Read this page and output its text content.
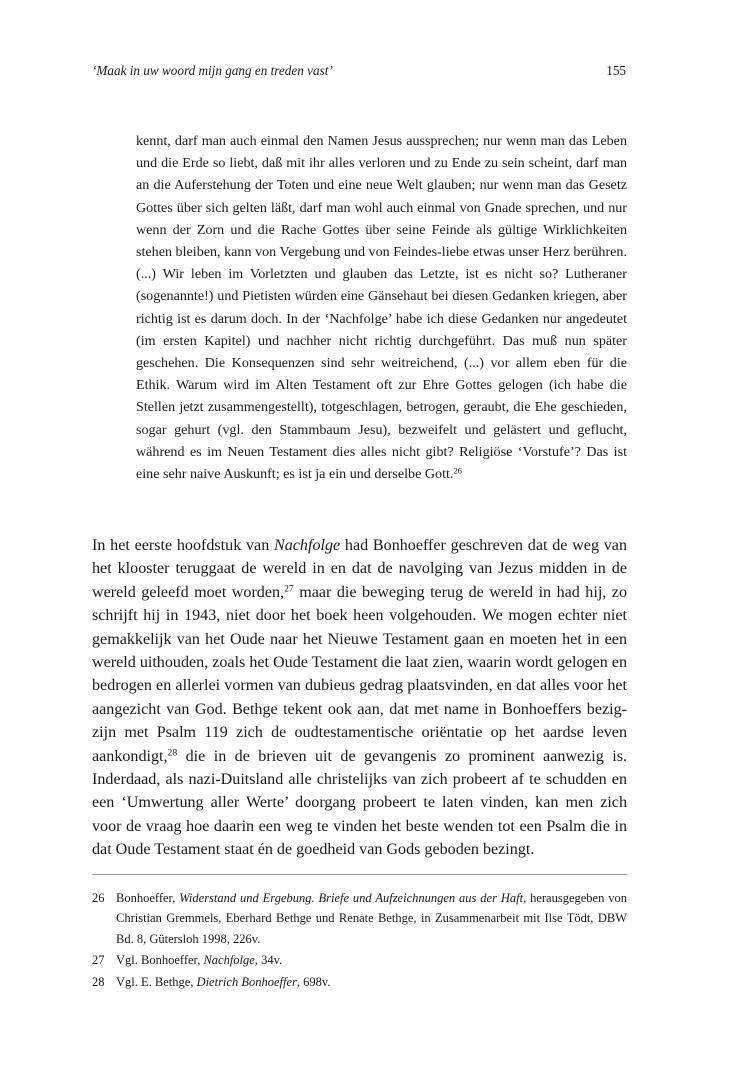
‘Maak in uw woord mijn gang en treden vast’	155

kennt, darf man auch einmal den Namen Jesus aussprechen; nur wenn man das Leben und die Erde so liebt, daß mit ihr alles verloren und zu Ende zu sein scheint, darf man an die Auferstehung der Toten und eine neue Welt glauben; nur wenn man das Gesetz Gottes über sich gelten läßt, darf man wohl auch einmal von Gnade sprechen, und nur wenn der Zorn und die Rache Gottes über seine Feinde als gültige Wirklichkeiten stehen bleiben, kann von Vergebung und von Feindes-liebe etwas unser Herz berühren. (...) Wir leben im Vorletzten und glauben das Letzte, ist es nicht so? Lutheraner (sogenannte!) und Pietisten würden eine Gänsehaut bei diesen Gedanken kriegen, aber richtig ist es darum doch. In der ‘Nachfolge’ habe ich diese Gedanken nur angedeutet (im ersten Kapitel) und nachher nicht richtig durchgeführt. Das muß nun später geschehen. Die Konsequenzen sind sehr weitreichend, (...) vor allem eben für die Ethik. Warum wird im Alten Testament oft zur Ehre Gottes gelogen (ich habe die Stellen jetzt zusammengestellt), totgeschlagen, betrogen, geraubt, die Ehe geschieden, sogar gehurt (vgl. den Stammbaum Jesu), bezweifelt und gelästert und geflucht, während es im Neuen Testament dies alles nicht gibt? Religiöse ‘Vorstufe’? Das ist eine sehr naive Auskunft; es ist ja ein und derselbe Gott.$^{26}$

In het eerste hoofdstuk van Nachfolge had Bonhoeffer geschreven dat de weg van het klooster teruggaat de wereld in en dat de navolging van Jezus midden in de wereld geleefd moet worden,$^{27}$ maar die beweging terug de wereld in had hij, zo schrijft hij in 1943, niet door het boek heen volgehouden. We mogen echter niet gemakkelijk van het Oude naar het Nieuwe Testament gaan en moeten het in een wereld uithouden, zoals het Oude Testament die laat zien, waarin wordt gelogen en bedrogen en allerlei vormen van dubieus gedrag plaatsvinden, en dat alles voor het aangezicht van God. Bethge tekent ook aan, dat met name in Bonhoeffers bezig-zijn met Psalm 119 zich de oudtestamentische oriëntatie op het aardse leven aankondigt,$^{28}$ die in de brieven uit de gevangenis zo prominent aanwezig is. Inderdaad, als nazi-Duitsland alle christelijks van zich probeert af te schudden en een ‘Umwertung aller Werte’ doorgang probeert te laten vinden, kan men zich voor de vraag hoe daarin een weg te vinden het beste wenden tot een Psalm die in dat Oude Testament staat én de goedheid van Gods geboden bezingt.

26 Bonhoeffer, Widerstand und Ergebung. Briefe und Aufzeichnungen aus der Haft, herausgegeben von Christian Gremmels, Eberhard Bethge und Renate Bethge, in Zusammenarbeit mit Ilse Tödt, DBW Bd. 8, Gütersloh 1998, 226v.
27 Vgl. Bonhoeffer, Nachfolge, 34v.
28 Vgl. E. Bethge, Dietrich Bonhoeffer, 698v.
